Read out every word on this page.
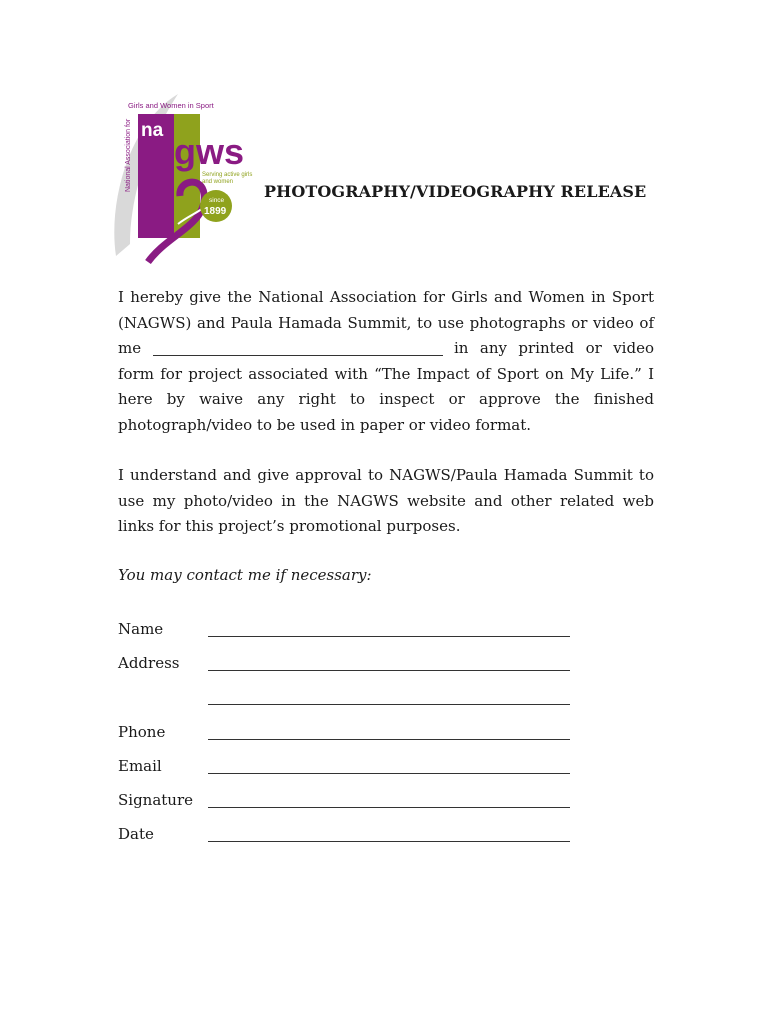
National Association for
Girls and Women in Sport
na
gws
Serving active girls
and women
since
1899
PHOTOGRAPHY/VIDEOGRAPHY RELEASE

I hereby give the National Association for Girls and Women in Sport (NAGWS) and Paula Hamada Summit, to use photographs or video of me	in any printed or video form for project associated with “The Impact of Sport on My Life.” I here by waive any right to inspect or approve the finished photograph/video to be used in paper or video format.

I understand and give approval to NAGWS/Paula Hamada Summit to use my photo/video in the NAGWS website and other related web links for this project’s promotional purposes.

You may contact me if necessary:

Name
Address
Phone
Email
Signature
Date
